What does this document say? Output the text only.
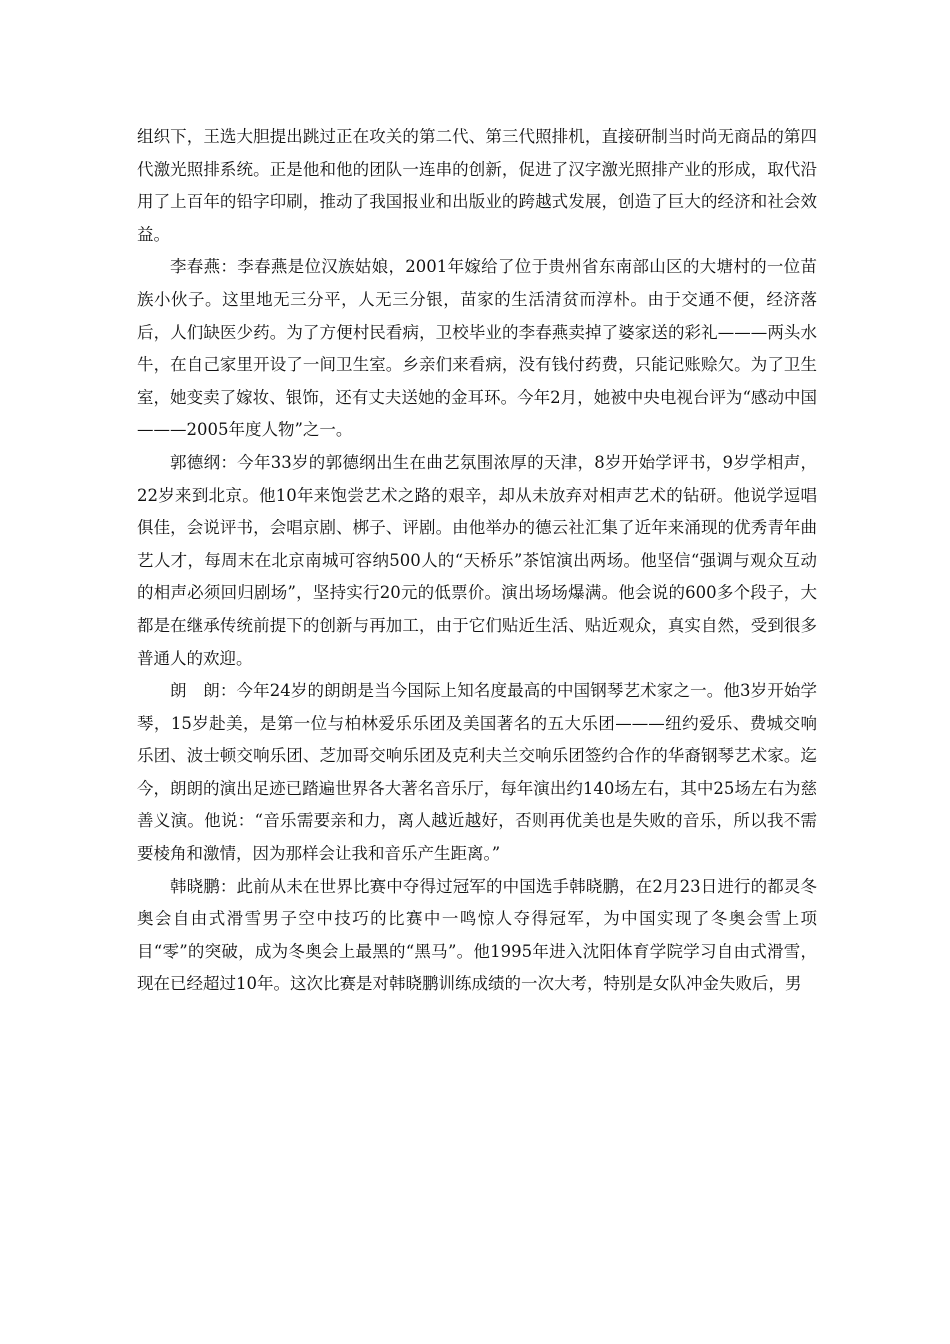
组织下，王选大胆提出跳过正在攻关的第二代、第三代照排机，直接研制当时尚无商品的第四代激光照排系统。正是他和他的团队一连串的创新，促进了汉字激光照排产业的形成，取代沿用了上百年的铅字印刷，推动了我国报业和出版业的跨越式发展，创造了巨大的经济和社会效益。

李春燕：李春燕是位汉族姑娘，2001年嫁给了位于贵州省东南部山区的大塘村的一位苗族小伙子。这里地无三分平，人无三分银，苗家的生活清贫而淳朴。由于交通不便，经济落后，人们缺医少药。为了方便村民看病，卫校毕业的李春燕卖掉了婆家送的彩礼———两头水牛，在自己家里开设了一间卫生室。乡亲们来看病，没有钱付药费，只能记账赊欠。为了卫生室，她变卖了嫁妆、银饰，还有丈夫送她的金耳环。今年2月，她被中央电视台评为“感动中国———2005年度人物”之一。

郭德纲：今年33岁的郭德纲出生在曲艺氛围浓厚的天津，8岁开始学评书，9岁学相声，22岁来到北京。他10年来饱尝艺术之路的艰辛，却从未放弃对相声艺术的钻研。他说学逗唱俱佳，会说评书，会唱京剧、梆子、评剧。由他举办的德云社汇集了近年来涌现的优秀青年曲艺人才，每周末在北京南城可容纳500人的“天桥乐”茶馆演出两场。他坚信“强调与观众互动的相声必须回归剧场”，坚持实行20元的低票价。演出场场爆满。他会说的600多个段子，大都是在继承传统前提下的创新与再加工，由于它们贴近生活、贴近观众，真实自然，受到很多普通人的欢迎。

朗　朗：今年24岁的朗朗是当今国际上知名度最高的中国钢琴艺术家之一。他3岁开始学琴，15岁赴美，是第一位与柏林爱乐乐团及美国著名的五大乐团———纽约爱乐、费城交响乐团、波士顿交响乐团、芝加哥交响乐团及克利夫兰交响乐团签约合作的华裔钢琴艺术家。迄今，朗朗的演出足迹已踏遍世界各大著名音乐厅，每年演出约140场左右，其中25场左右为慈善义演。他说：“音乐需要亲和力，离人越近越好，否则再优美也是失败的音乐，所以我不需要棱角和激情，因为那样会让我和音乐产生距离。”

韩晓鹏：此前从未在世界比赛中夺得过冠军的中国选手韩晓鹏，在2月23日进行的都灵冬奥会自由式滑雪男子空中技巧的比赛中一鸣惊人夺得冠军，为中国实现了冬奥会雪上项目“零”的突破，成为冬奥会上最黑的“黑马”。他1995年进入沈阳体育学院学习自由式滑雪，现在已经超过10年。这次比赛是对韩晓鹏训练成绩的一次大考，特别是女队冲金失败后，男
